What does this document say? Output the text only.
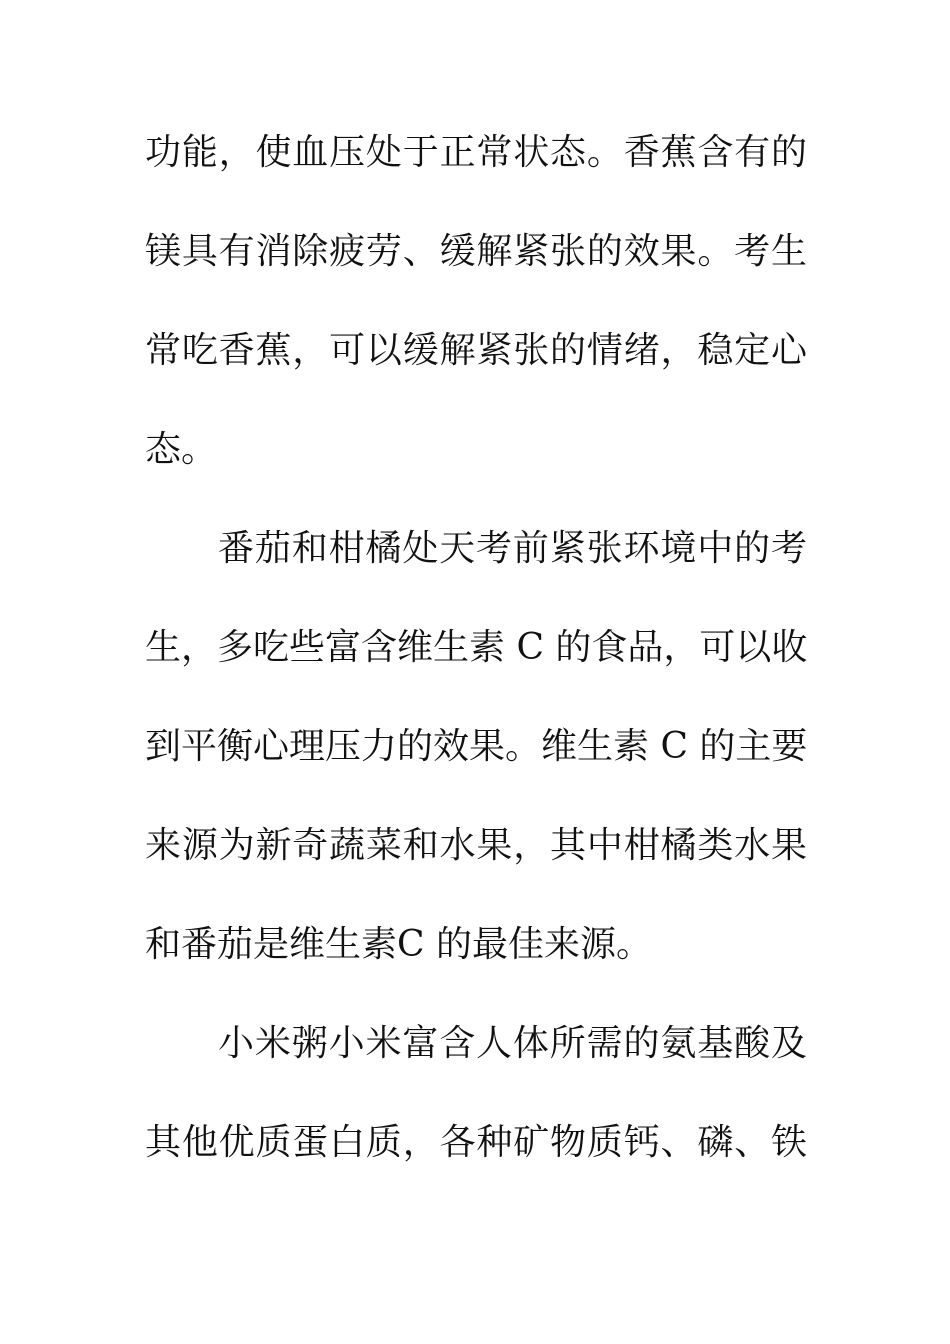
功能，使血压处于正常状态。香蕉含有的
镁具有消除疲劳、缓解紧张的效果。考生
常吃香蕉，可以缓解紧张的情绪，稳定心
态。
番茄和柑橘处天考前紧张环境中的考
生，多吃些富含维生素 C 的食品，可以收
到平衡心理压力的效果。维生素 C 的主要
来源为新奇蔬菜和水果，其中柑橘类水果
和番茄是维生素C 的最佳来源。
小米粥小米富含人体所需的氨基酸及
其他优质蛋白质，各种矿物质钙、磷、铁
